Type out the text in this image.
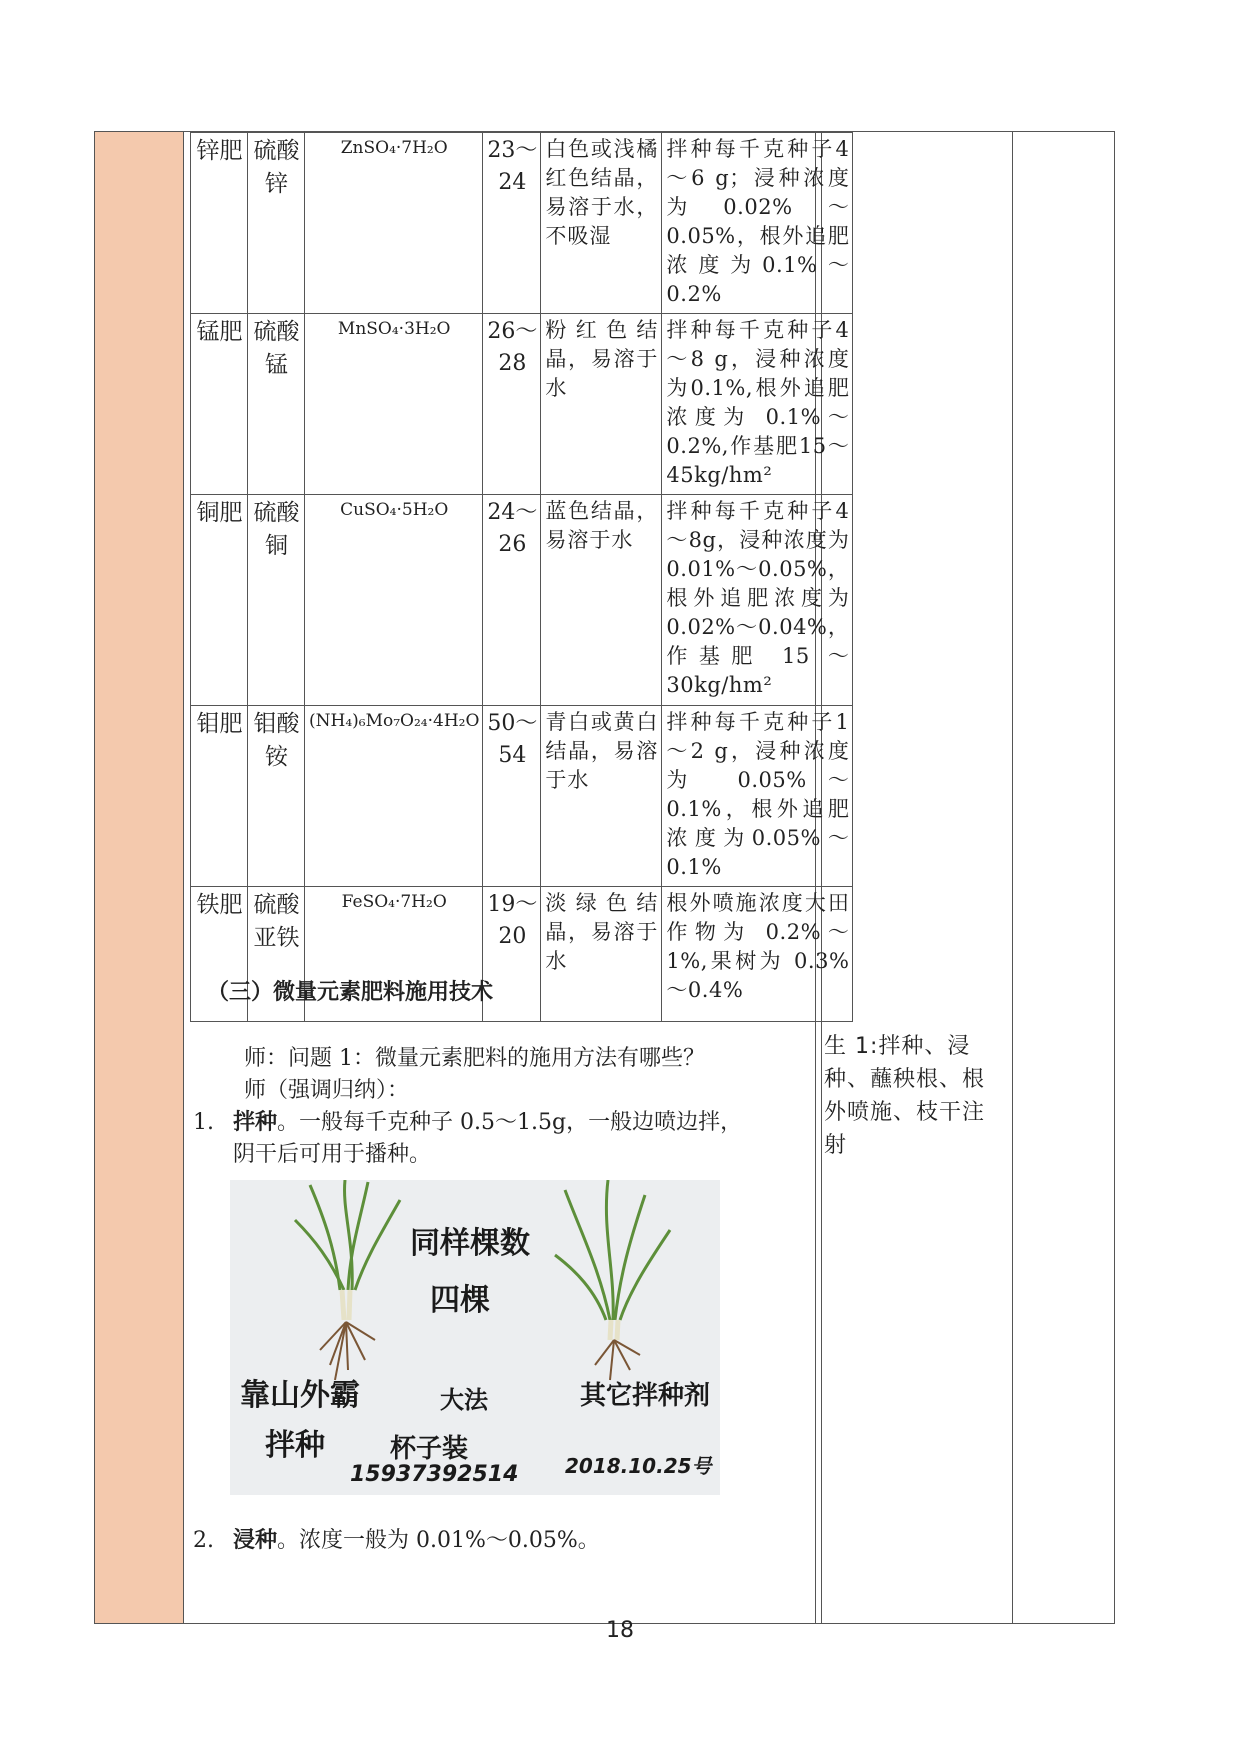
锌肥	硫酸锌	ZnSO₄·7H₂O	23～24	白色或浅橘红色结晶，易溶于水，不吸湿	拌种每千克种子4～6 g；浸种浓度为0.02%～0.05%，根外追肥浓度为0.1%～0.2%
锰肥	硫酸锰	MnSO₄·3H₂O	26～28	粉红色结晶，易溶于水	拌种每千克种子4～8 g，浸种浓度为0.1%,根外追肥浓度为 0.1%～0.2%,作基肥15～45kg/hm²
铜肥	硫酸铜	CuSO₄·5H₂O	24～26	蓝色结晶，易溶于水	拌种每千克种子4～8g，浸种浓度为0.01%～0.05%，根外追肥浓度为0.02%～0.04%，作基肥 15 ～30kg/hm²
钼肥	钼酸铵	(NH₄)₆Mo₇O₂₄·4H₂O	50～54	青白或黄白结晶，易溶于水	拌种每千克种子1～2 g，浸种浓度为 0.05%～0.1%，根外追肥浓度为0.05%～0.1%
铁肥	硫酸亚铁	FeSO₄·7H₂O	19～20	淡绿色结晶，易溶于水	根外喷施浓度大田作物为 0.2%～1%,果树为 0.3%～0.4%
（三）微量元素肥料施用技术
师：问题 1：微量元素肥料的施用方法有哪些？
师（强调归纳）：
1. 拌种。一般每千克种子 0.5～1.5g，一般边喷边拌，
阴干后可用于播种。
同样棵数
四棵
靠山外霸
拌种
大法
杯子装
15937392514
其它拌种剂
2018.10.25号
2. 浸种。浓度一般为 0.01%～0.05%。
生 1:拌种、浸种、蘸秧根、根外喷施、枝干注射
18
